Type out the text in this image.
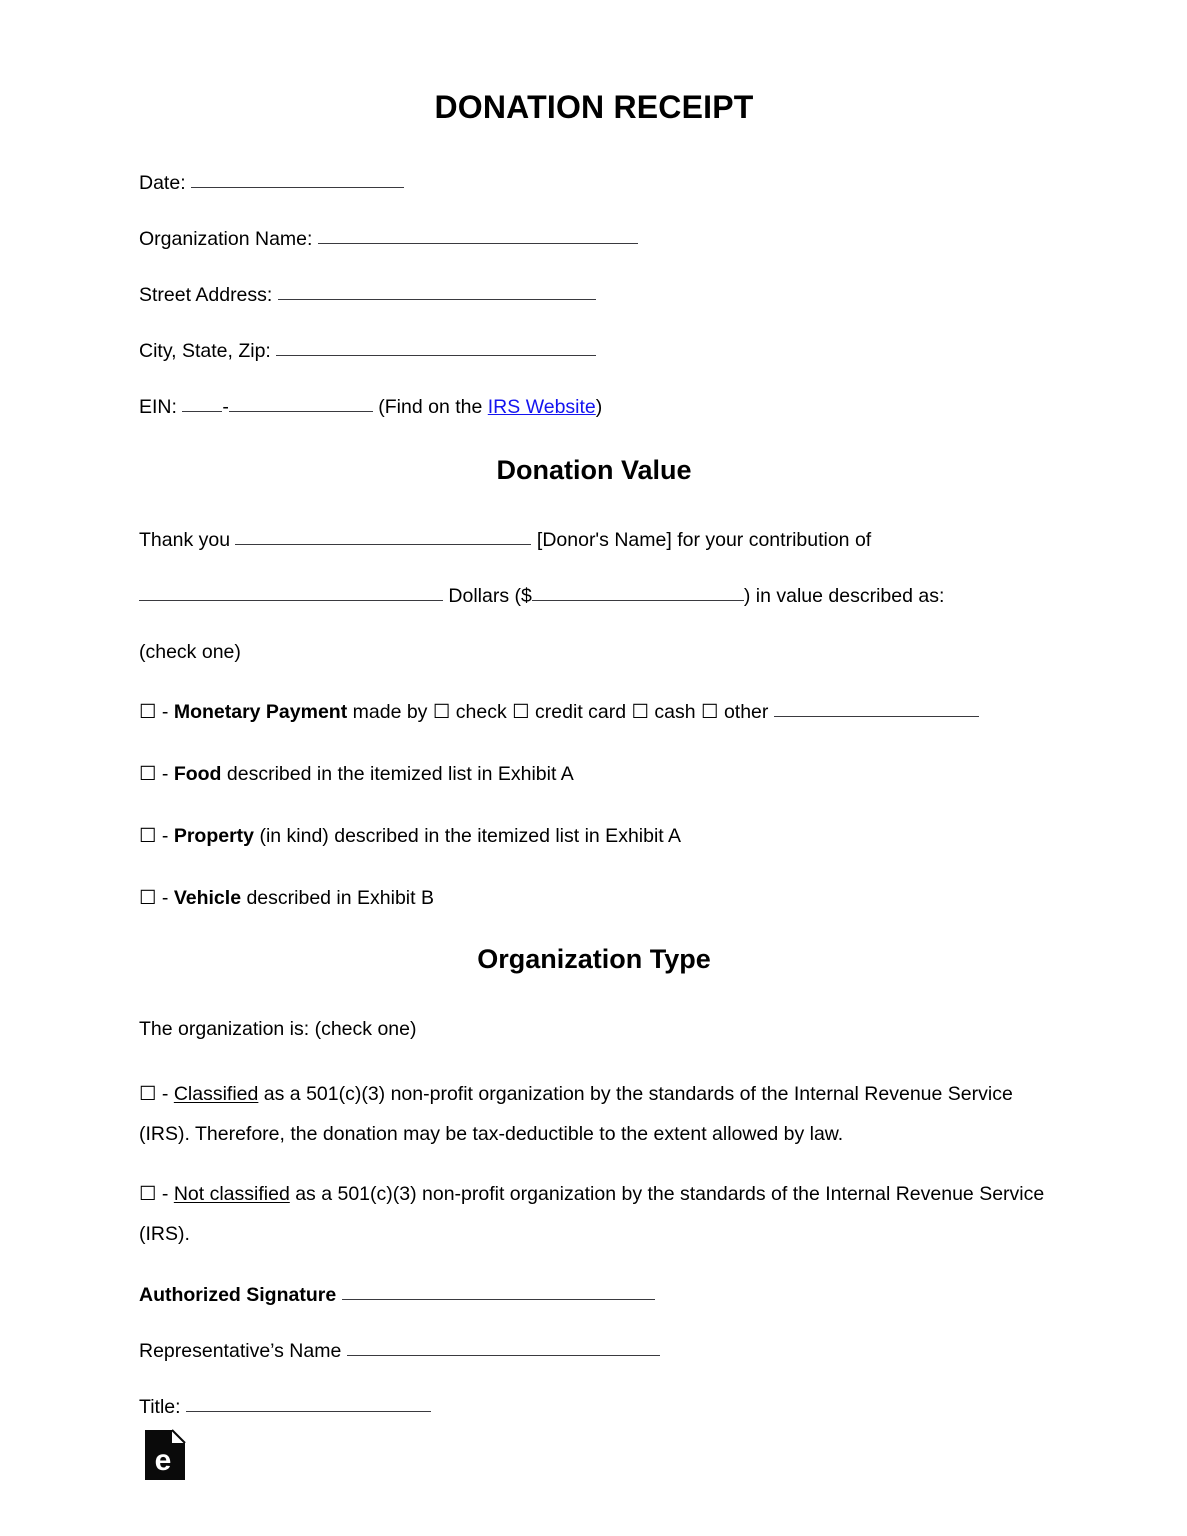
DONATION RECEIPT
Date:
Organization Name:
Street Address:
City, State, Zip:
EIN: -	(Find on the IRS Website)
Donation Value
Thank you	[Donor's Name] for your contribution of
Dollars ($	) in value described as:
(check one)
☐ - Monetary Payment made by ☐ check ☐ credit card ☐ cash ☐ other
☐ - Food described in the itemized list in Exhibit A
☐ - Property (in kind) described in the itemized list in Exhibit A
☐ - Vehicle described in Exhibit B
Organization Type
The organization is: (check one)
☐ - Classified as a 501(c)(3) non-profit organization by the standards of the Internal Revenue Service (IRS). Therefore, the donation may be tax-deductible to the extent allowed by law.
☐ - Not classified as a 501(c)(3) non-profit organization by the standards of the Internal Revenue Service (IRS).
Authorized Signature
Representative’s Name
Title:
e
